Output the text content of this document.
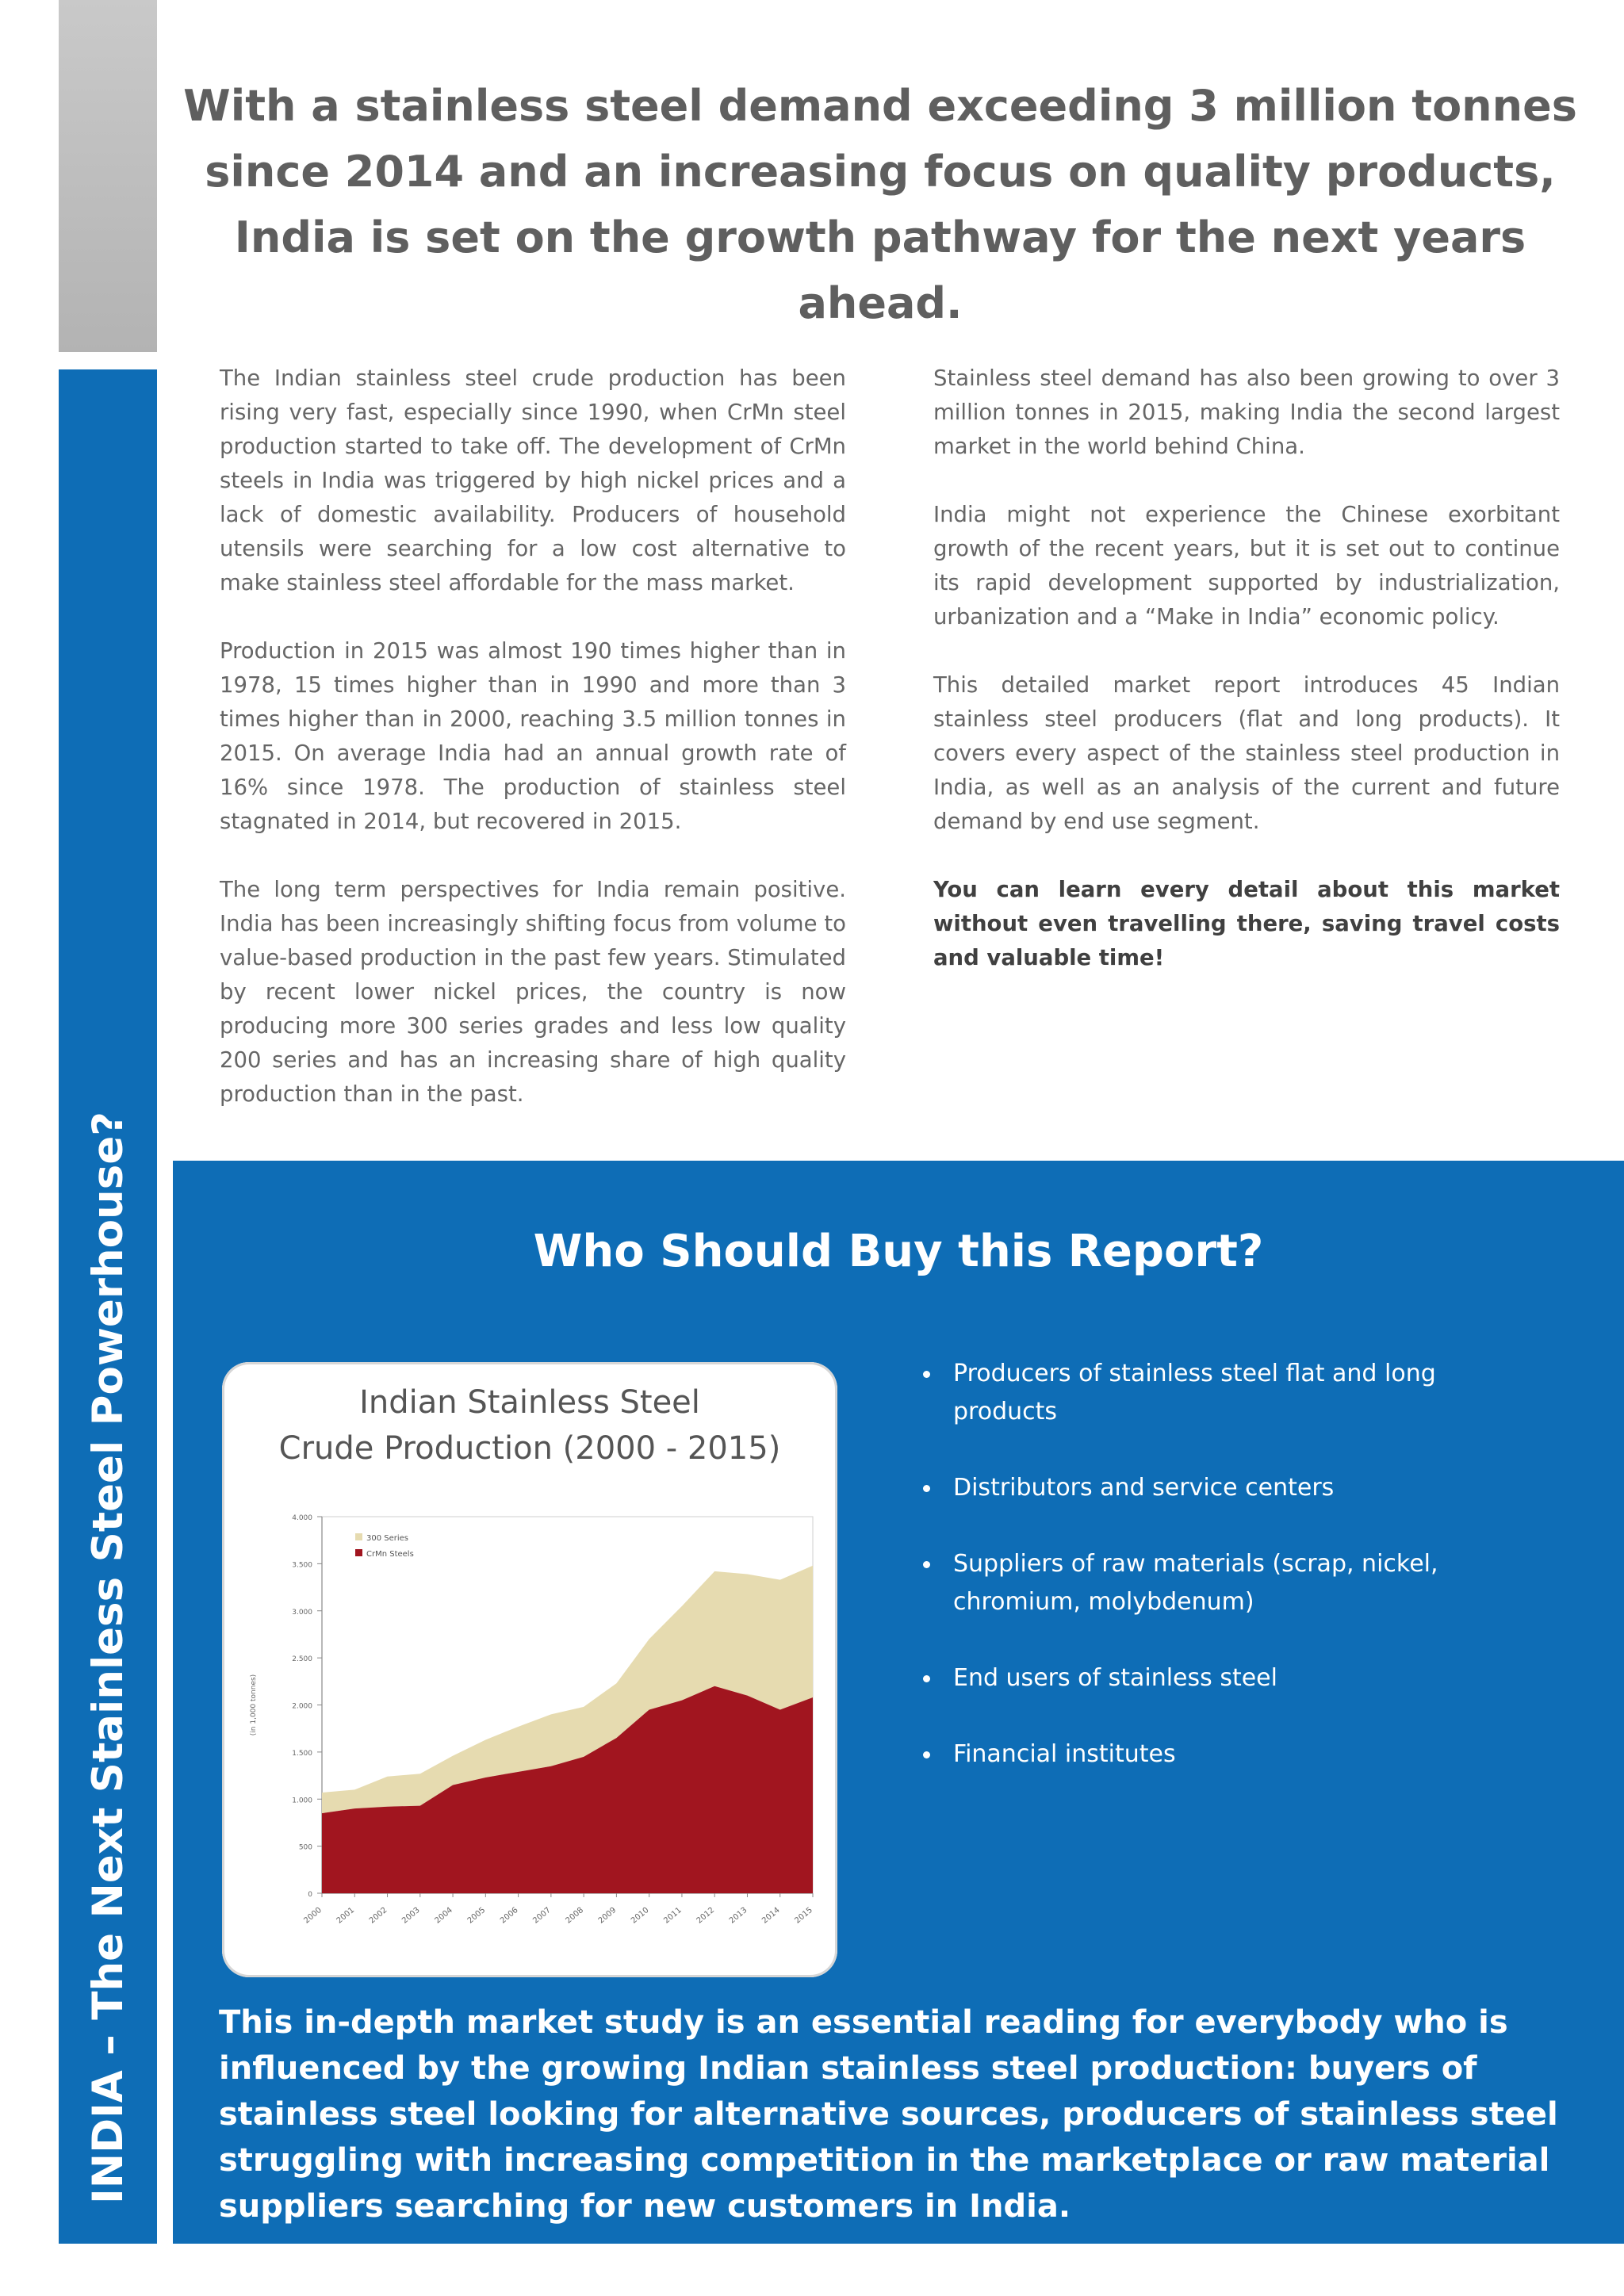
INDIA – The Next Stainless Steel Powerhouse?
With a stainless steel demand exceeding 3 million tonnes since 2014 and an increasing focus on quality products, India is set on the growth pathway for the next years ahead.

The Indian stainless steel crude production has been rising very fast, especially since 1990, when CrMn steel production started to take off. The development of CrMn steels in India was triggered by high nickel prices and a lack of domestic availability. Producers of household utensils were searching for a low cost alternative to make stainless steel affordable for the mass market.

Production in 2015 was almost 190 times higher than in 1978, 15 times higher than in 1990 and more than 3 times higher than in 2000, reaching 3.5 million tonnes in 2015. On average India had an annual growth rate of 16% since 1978. The production of stainless steel stagnated in 2014, but recovered in 2015.

The long term perspectives for India remain positive. India has been increasingly shifting focus from volume to value-based production in the past few years. Stimulated by recent lower nickel prices, the country is now producing more 300 series grades and less low quality 200 series and has an increasing share of high quality production than in the past.

Stainless steel demand has also been growing to over 3 million tonnes in 2015, making India the second largest market in the world behind China.

India might not experience the Chinese exorbitant growth of the recent years, but it is set out to continue its rapid development supported by industrialization, urbanization and a “Make in India” economic policy.

This detailed market report introduces 45 Indian stainless steel producers (flat and long products). It covers every aspect of the stainless steel production in India, as well as an analysis of the current and future demand by end use segment.

You can learn every detail about this market without even travelling there, saving travel costs and valuable time!

Who Should Buy this Report?
Indian Stainless Steel
Crude Production (2000 - 2015)
0
500
1.000
1.500
2.000
2.500
3.000
3.500
4.000
2000 2001 2002 2003 2004 2005 2006 2007 2008 2009 2010 2011 2012 2013 2014 2015
(in 1,000 tonnes)
300 Series
CrMn Steels
Producers of stainless steel flat and long products
Distributors and service centers
Suppliers of raw materials (scrap, nickel, chromium, molybdenum)
End users of stainless steel
Financial institutes

This in-depth market study is an essential reading for everybody who is influenced by the growing Indian stainless steel production: buyers of stainless steel looking for alternative sources, producers of stainless steel struggling with increasing competition in the marketplace or raw material suppliers searching for new customers in India.
